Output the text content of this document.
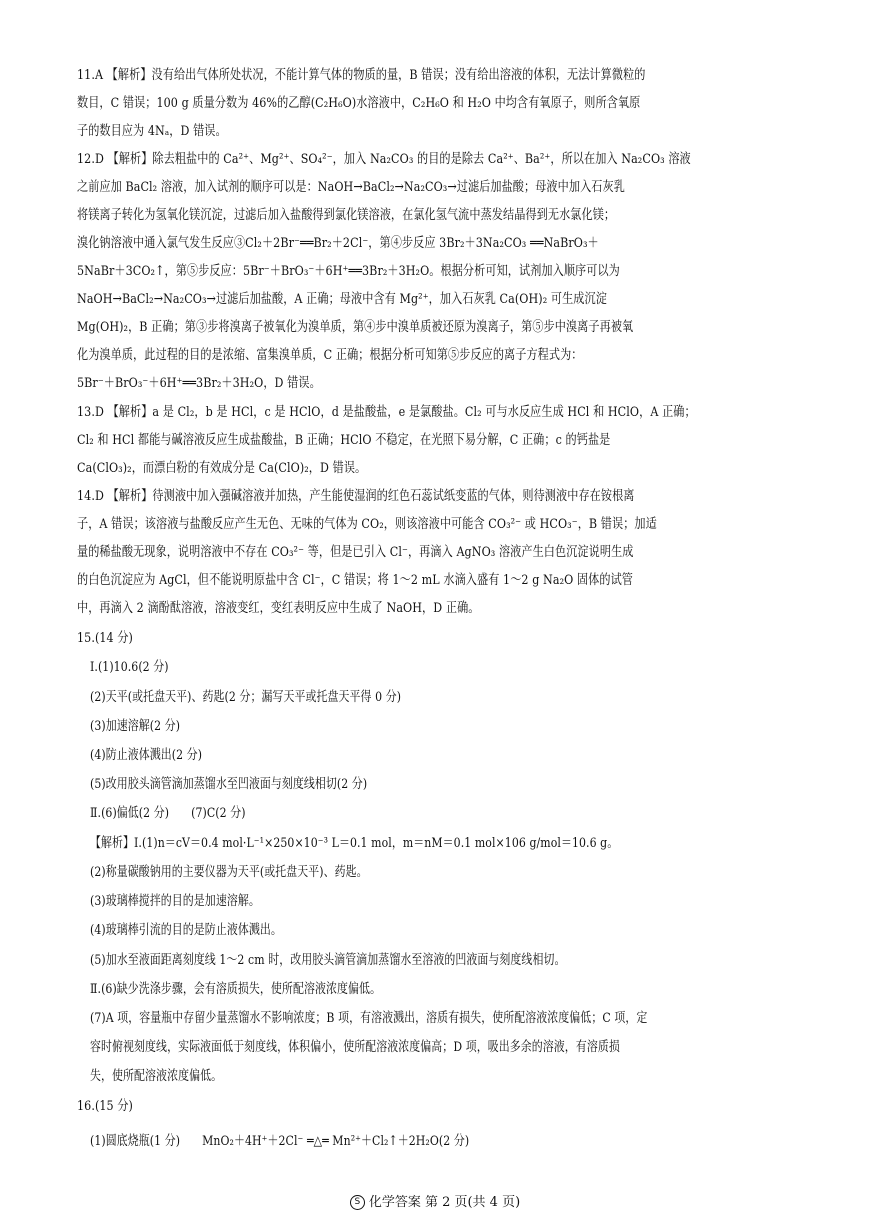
11.A 【解析】没有给出气体所处状况，不能计算气体的物质的量，B 错误；没有给出溶液的体积，无法计算微粒的
数目，C 错误；100 g 质量分数为 46%的乙醇(C₂H₆O)水溶液中，C₂H₆O 和 H₂O 中均含有氧原子，则所含氧原
子的数目应为 4Nₐ，D 错误。
12.D 【解析】除去粗盐中的 Ca²⁺、Mg²⁺、SO₄²⁻，加入 Na₂CO₃ 的目的是除去 Ca²⁺、Ba²⁺，所以在加入 Na₂CO₃ 溶液
之前应加 BaCl₂ 溶液，加入试剂的顺序可以是：NaOH→BaCl₂→Na₂CO₃→过滤后加盐酸；母液中加入石灰乳
将镁离子转化为氢氧化镁沉淀，过滤后加入盐酸得到氯化镁溶液，在氯化氢气流中蒸发结晶得到无水氯化镁；
溴化钠溶液中通入氯气发生反应③Cl₂＋2Br⁻══Br₂＋2Cl⁻，第④步反应 3Br₂＋3Na₂CO₃ ══NaBrO₃＋
5NaBr＋3CO₂↑，第⑤步反应：5Br⁻＋BrO₃⁻＋6H⁺══3Br₂＋3H₂O。根据分析可知，试剂加入顺序可以为
NaOH→BaCl₂→Na₂CO₃→过滤后加盐酸，A 正确；母液中含有 Mg²⁺，加入石灰乳 Ca(OH)₂ 可生成沉淀
Mg(OH)₂，B 正确；第③步将溴离子被氧化为溴单质，第④步中溴单质被还原为溴离子，第⑤步中溴离子再被氧
化为溴单质，此过程的目的是浓缩、富集溴单质，C 正确；根据分析可知第⑤步反应的离子方程式为：
5Br⁻＋BrO₃⁻＋6H⁺══3Br₂＋3H₂O，D 错误。
13.D 【解析】a 是 Cl₂，b 是 HCl，c 是 HClO，d 是盐酸盐，e 是氯酸盐。Cl₂ 可与水反应生成 HCl 和 HClO，A 正确；
Cl₂ 和 HCl 都能与碱溶液反应生成盐酸盐，B 正确；HClO 不稳定，在光照下易分解，C 正确；c 的钙盐是
Ca(ClO₃)₂，而漂白粉的有效成分是 Ca(ClO)₂，D 错误。
14.D 【解析】待测液中加入强碱溶液并加热，产生能使湿润的红色石蕊试纸变蓝的气体，则待测液中存在铵根离
子，A 错误；该溶液与盐酸反应产生无色、无味的气体为 CO₂，则该溶液中可能含 CO₃²⁻ 或 HCO₃⁻，B 错误；加适
量的稀盐酸无现象，说明溶液中不存在 CO₃²⁻ 等，但是已引入 Cl⁻，再滴入 AgNO₃ 溶液产生白色沉淀说明生成
的白色沉淀应为 AgCl，但不能说明原盐中含 Cl⁻，C 错误；将 1～2 mL 水滴入盛有 1～2 g Na₂O 固体的试管
中，再滴入 2 滴酚酞溶液，溶液变红，变红表明反应中生成了 NaOH，D 正确。
15.(14 分)
Ⅰ.(1)10.6(2 分)
(2)天平(或托盘天平)、药匙(2 分；漏写天平或托盘天平得 0 分)
(3)加速溶解(2 分)
(4)防止液体溅出(2 分)
(5)改用胶头滴管滴加蒸馏水至凹液面与刻度线相切(2 分)
Ⅱ.(6)偏低(2 分)　　(7)C(2 分)
【解析】Ⅰ.(1)n＝cV＝0.4 mol·L⁻¹×250×10⁻³ L＝0.1 mol，m＝nM＝0.1 mol×106 g/mol＝10.6 g。
(2)称量碳酸钠用的主要仪器为天平(或托盘天平)、药匙。
(3)玻璃棒搅拌的目的是加速溶解。
(4)玻璃棒引流的目的是防止液体溅出。
(5)加水至液面距离刻度线 1～2 cm 时，改用胶头滴管滴加蒸馏水至溶液的凹液面与刻度线相切。
Ⅱ.(6)缺少洗涤步骤，会有溶质损失，使所配溶液浓度偏低。
(7)A 项，容量瓶中存留少量蒸馏水不影响浓度；B 项，有溶液溅出，溶质有损失，使所配溶液浓度偏低；C 项，定
容时俯视刻度线，实际液面低于刻度线，体积偏小，使所配溶液浓度偏高；D 项，吸出多余的溶液，有溶质损
失，使所配溶液浓度偏低。
16.(15 分)
(1)圆底烧瓶(1 分)　　MnO₂＋4H⁺＋2Cl⁻ ═△═ Mn²⁺＋Cl₂↑＋2H₂O(2 分)
S 化学答案 第 2 页(共 4 页)
